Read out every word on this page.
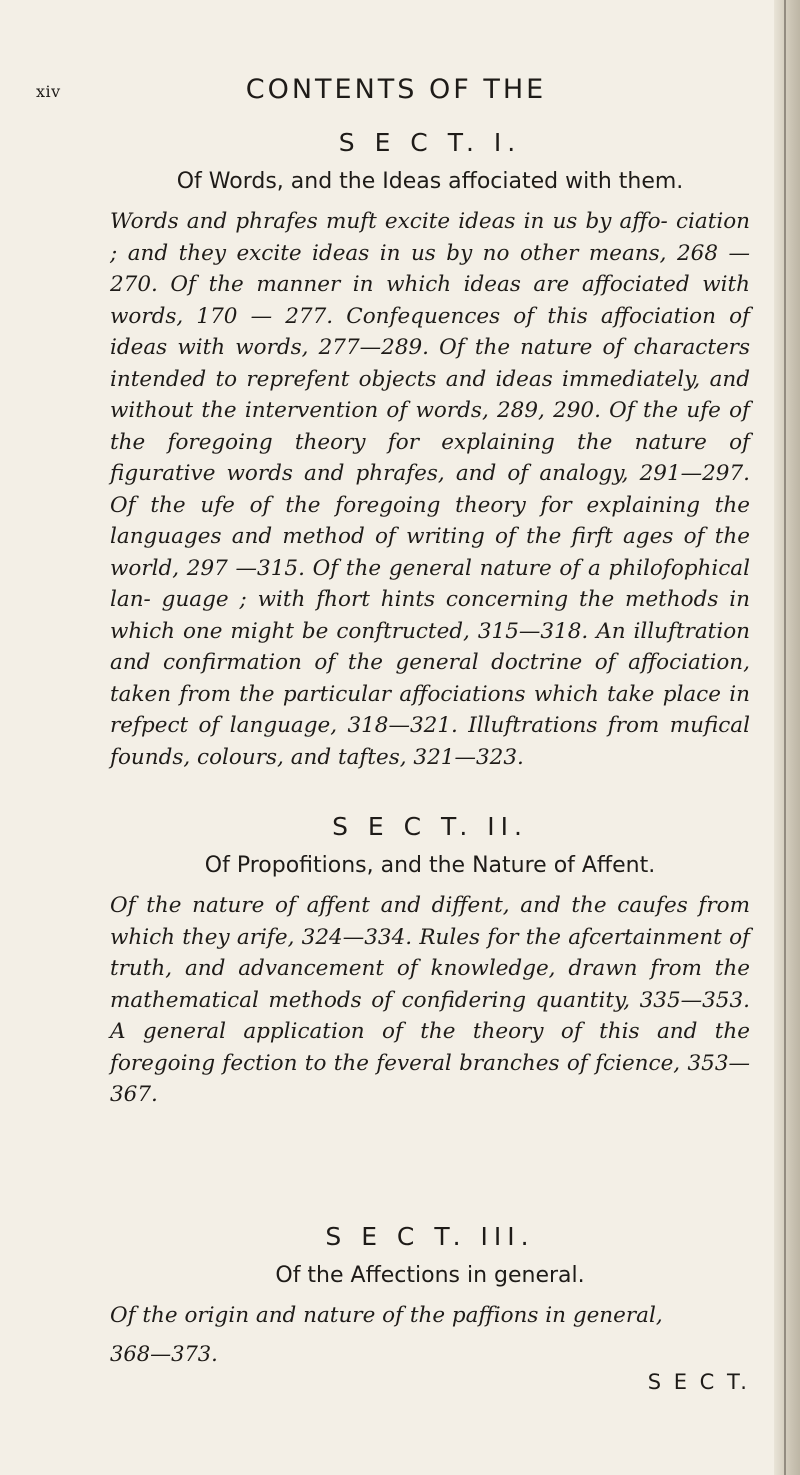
xiv	CONTENTS OF THE
S E C T. I.

Of Words, and the Ideas affociated with them.

Words and phrafes muft excite ideas in us by affo- ciation ; and they excite ideas in us by no other means, 268 — 270. Of the manner in which ideas are affociated with words, 170 — 277. Confequences of this affociation of ideas with words, 277—289. Of the nature of characters intended to reprefent objects and ideas immediately, and without the intervention of words, 289, 290. Of the ufe of the foregoing theory for explaining the nature of figurative words and phrafes, and of analogy, 291—297. Of the ufe of the foregoing theory for explaining the languages and method of writing of the firft ages of the world, 297 —315. Of the general nature of a philofophical lan- guage ; with fhort hints concerning the methods in which one might be conftructed, 315—318. An illuftration and confirmation of the general doctrine of affociation, taken from the particular affociations which take place in refpect of language, 318—321. Illuftrations from mufical founds, colours, and taftes, 321—323.

S E C T. II.

Of Propofitions, and the Nature of Affent.

Of the nature of affent and diffent, and the caufes from which they arife, 324—334. Rules for the afcertainment of truth, and advancement of knowledge, drawn from the mathematical methods of confidering quantity, 335—353. A general application of the theory of this and the foregoing fection to the feveral branches of fcience, 353—367.

S E C T. III.

Of the Affections in general.

Of the origin and nature of the paffions in general,

368—373.
S E C T.
